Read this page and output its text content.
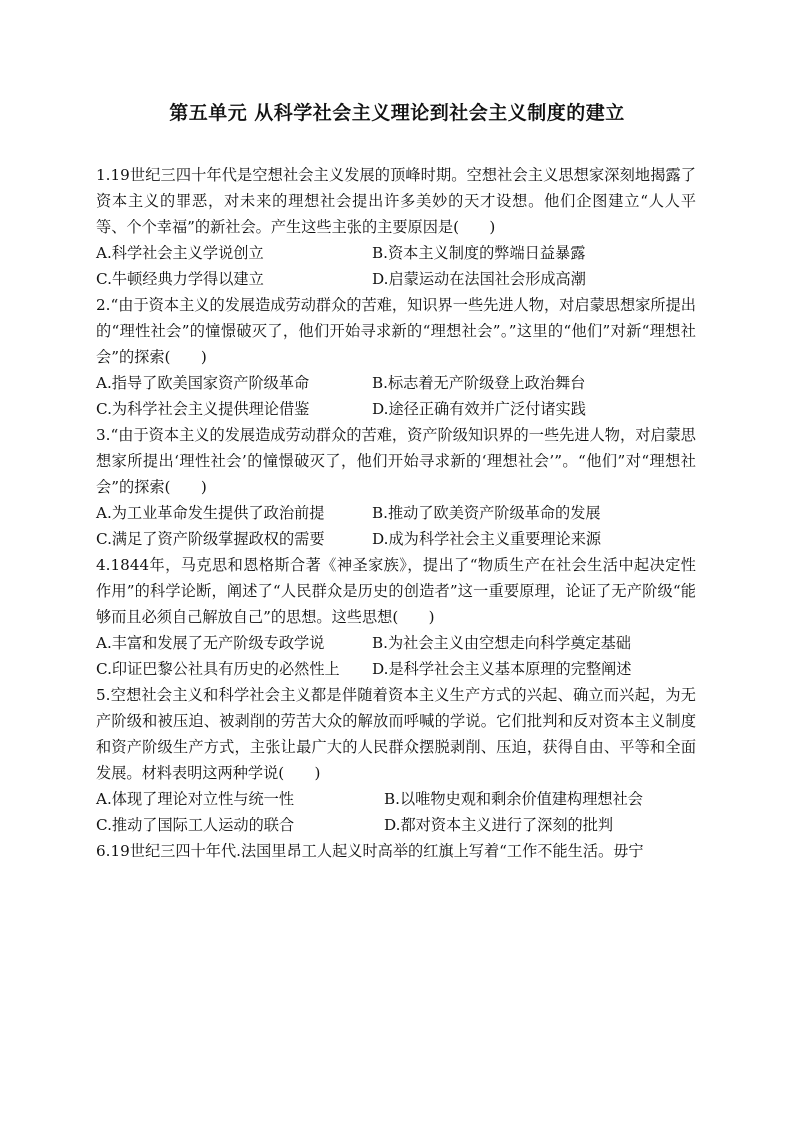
第五单元 从科学社会主义理论到社会主义制度的建立

1.19世纪三四十年代是空想社会主义发展的顶峰时期。空想社会主义思想家深刻地揭露了资本主义的罪恶，对未来的理想社会提出许多美妙的天才设想。他们企图建立“人人平等、个个幸福”的新社会。产生这些主张的主要原因是(　　)

A.科学社会主义学说创立	B.资本主义制度的弊端日益暴露
C.牛顿经典力学得以建立	D.启蒙运动在法国社会形成高潮

2.“由于资本主义的发展造成劳动群众的苦难，知识界一些先进人物，对启蒙思想家所提出的“理性社会”的憧憬破灭了，他们开始寻求新的“理想社会”。”这里的“他们”对新“理想社会”的探索(　　)

A.指导了欧美国家资产阶级革命	B.标志着无产阶级登上政治舞台
C.为科学社会主义提供理论借鉴	D.途径正确有效并广泛付诸实践

3.“由于资本主义的发展造成劳动群众的苦难，资产阶级知识界的一些先进人物，对启蒙思想家所提出‘理性社会’的憧憬破灭了，他们开始寻求新的‘理想社会’”。“他们”对“理想社会”的探索(　　)

A.为工业革命发生提供了政治前提	B.推动了欧美资产阶级革命的发展
C.满足了资产阶级掌握政权的需要	D.成为科学社会主义重要理论来源

4.1844年，马克思和恩格斯合著《神圣家族》，提出了“物质生产在社会生活中起决定性作用”的科学论断，阐述了“人民群众是历史的创造者”这一重要原理，论证了无产阶级“能够而且必须自己解放自己”的思想。这些思想(　　)

A.丰富和发展了无产阶级专政学说	B.为社会主义由空想走向科学奠定基础
C.印证巴黎公社具有历史的必然性上	D.是科学社会主义基本原理的完整阐述

5.空想社会主义和科学社会主义都是伴随着资本主义生产方式的兴起、确立而兴起，为无产阶级和被压迫、被剥削的劳苦大众的解放而呼喊的学说。它们批判和反对资本主义制度和资产阶级生产方式，主张让最广大的人民群众摆脱剥削、压迫，获得自由、平等和全面发展。材料表明这两种学说(　　)

A.体现了理论对立性与统一性	B.以唯物史观和剩余价值建构理想社会
C.推动了国际工人运动的联合	D.都对资本主义进行了深刻的批判

6.19世纪三四十年代.法国里昂工人起义时高举的红旗上写着“工作不能生活。毋宁
